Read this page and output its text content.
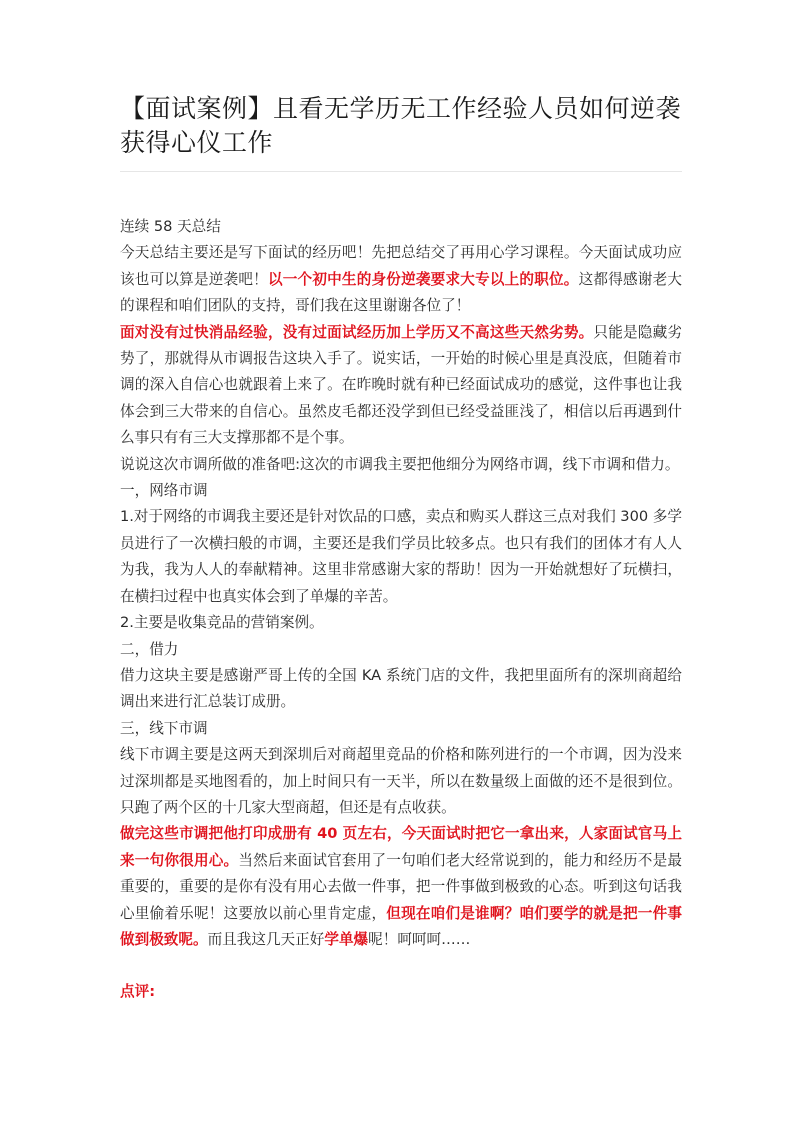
【面试案例】且看无学历无工作经验人员如何逆袭获得心仪工作

连续 58 天总结

今天总结主要还是写下面试的经历吧！先把总结交了再用心学习课程。今天面试成功应该也可以算是逆袭吧！以一个初中生的身份逆袭要求大专以上的职位。这都得感谢老大的课程和咱们团队的支持，哥们我在这里谢谢各位了！

面对没有过快消品经验，没有过面试经历加上学历又不高这些天然劣势。只能是隐藏劣势了，那就得从市调报告这块入手了。说实话，一开始的时候心里是真没底，但随着市调的深入自信心也就跟着上来了。在昨晚时就有种已经面试成功的感觉，这件事也让我体会到三大带来的自信心。虽然皮毛都还没学到但已经受益匪浅了，相信以后再遇到什么事只有有三大支撑那都不是个事。

说说这次市调所做的准备吧:这次的市调我主要把他细分为网络市调，线下市调和借力。

一，网络市调

1.对于网络的市调我主要还是针对饮品的口感，卖点和购买人群这三点对我们 300 多学员进行了一次横扫般的市调，主要还是我们学员比较多点。也只有我们的团体才有人人为我，我为人人的奉献精神。这里非常感谢大家的帮助！因为一开始就想好了玩横扫，在横扫过程中也真实体会到了单爆的辛苦。

2.主要是收集竞品的营销案例。

二，借力

借力这块主要是感谢严哥上传的全国 KA 系统门店的文件，我把里面所有的深圳商超给调出来进行汇总装订成册。

三，线下市调

线下市调主要是这两天到深圳后对商超里竞品的价格和陈列进行的一个市调，因为没来过深圳都是买地图看的，加上时间只有一天半，所以在数量级上面做的还不是很到位。只跑了两个区的十几家大型商超，但还是有点收获。

做完这些市调把他打印成册有 40 页左右，今天面试时把它一拿出来，人家面试官马上来一句你很用心。当然后来面试官套用了一句咱们老大经常说到的，能力和经历不是最重要的，重要的是你有没有用心去做一件事，把一件事做到极致的心态。听到这句话我心里偷着乐呢！这要放以前心里肯定虚，但现在咱们是谁啊？咱们要学的就是把一件事做到极致呢。而且我这几天正好学单爆呢！呵呵呵……

点评:
